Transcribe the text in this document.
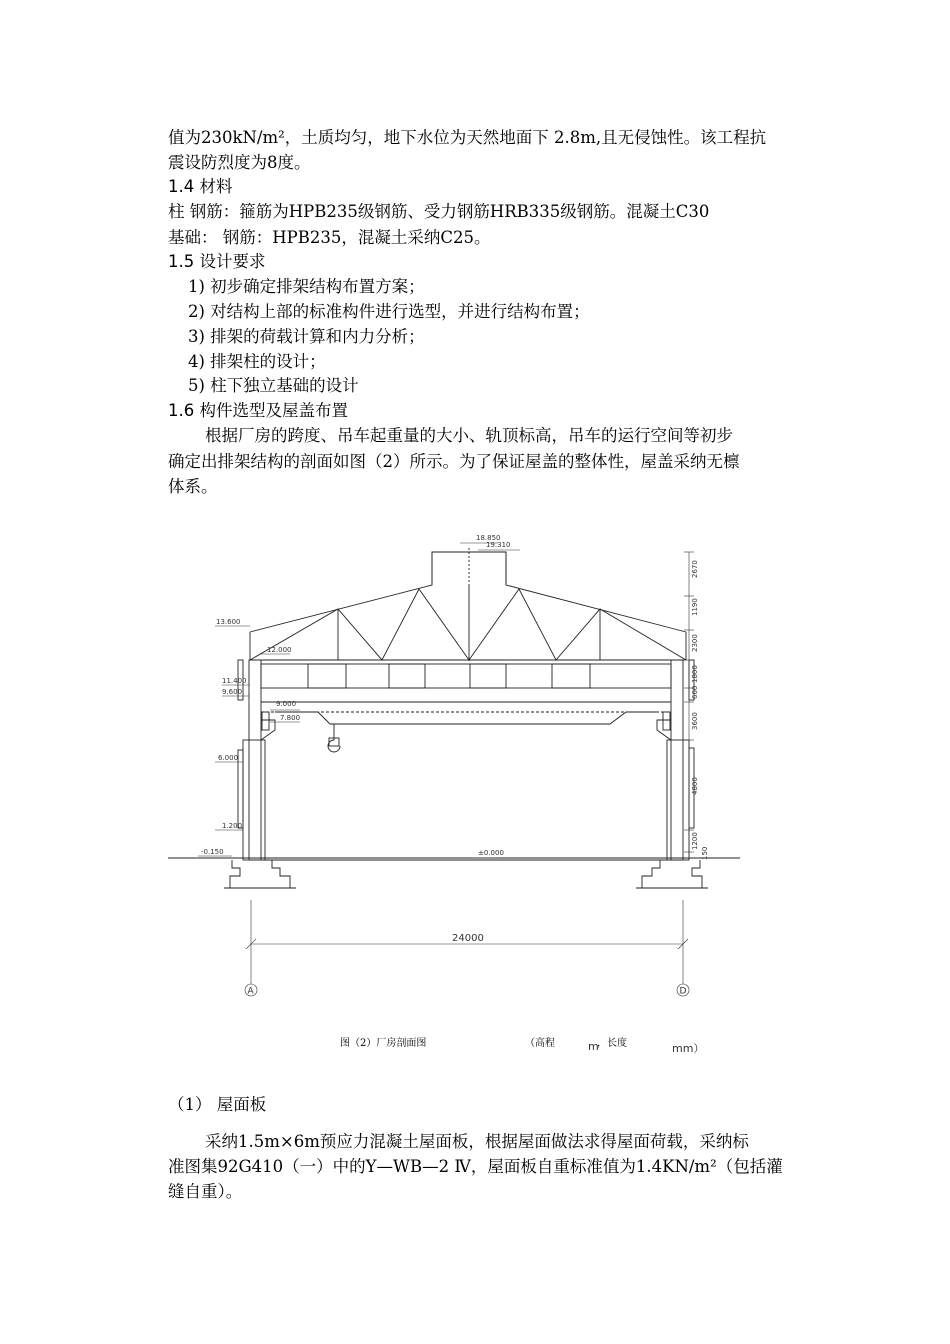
值为230kN/m²，土质均匀，地下水位为天然地面下 2.8m,且无侵蚀性。该工程抗
震设防烈度为8度。
1.4 材料
柱 钢筋：箍筋为HPB235级钢筋、受力钢筋HRB335级钢筋。混凝土C30
基础： 钢筋：HPB235，混凝土采纳C25。
1.5 设计要求
1) 初步确定排架结构布置方案；
2) 对结构上部的标准构件进行选型，并进行结构布置；
3) 排架的荷载计算和内力分析；
4) 排架柱的设计；
5) 柱下独立基础的设计
1.6 构件选型及屋盖布置
根据厂房的跨度、吊车起重量的大小、轨顶标高，吊车的运行空间等初步
确定出排架结构的剖面如图（2）所示。为了保证屋盖的整体性，屋盖采纳无檩
体系。
18.850
19.310
13.600
12.000
11.400
9.600
9.000
7.800
6.000
1.200
-0.150	±0.000
2670
1190
2300
1800
600
3600
4800
1200
150
24000
A	D
图（2）厂房剖面图	（高程	m
，长度	mm）
（1） 屋面板
采纳1.5m×6m预应力混凝土屋面板，根据屋面做法求得屋面荷载，采纳标
准图集92G410（一）中的Y—WB—2 Ⅳ，屋面板自重标准值为1.4KN/m²（包括灌
缝自重）。
